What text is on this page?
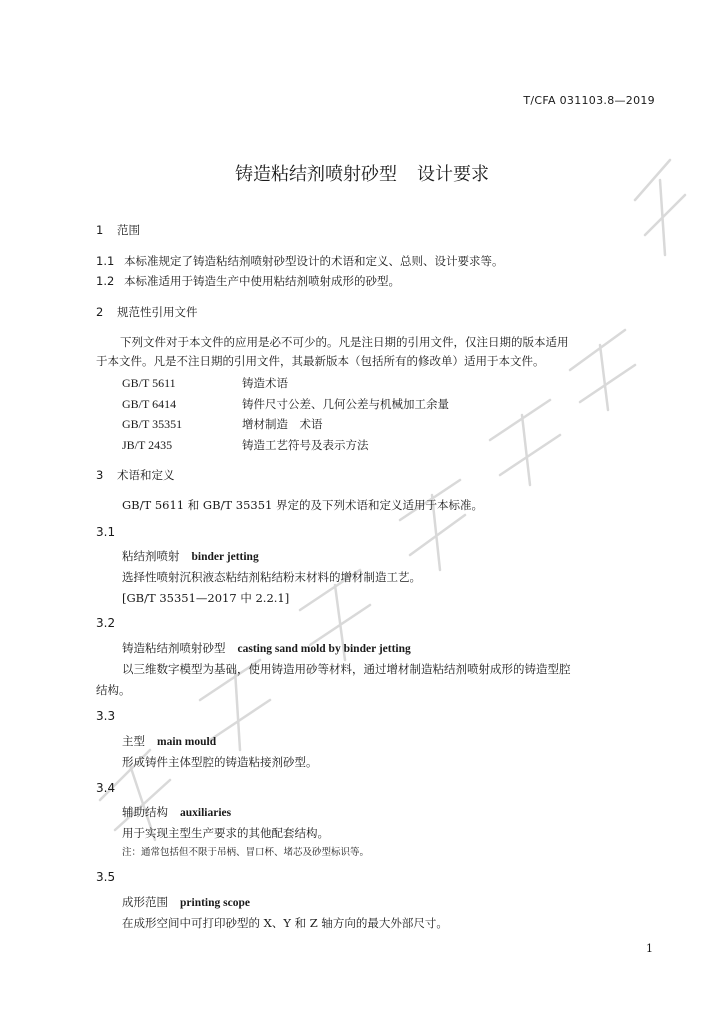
T/CFA 031103.8—2019
铸造粘结剂喷射砂型 设计要求
1 范围
1.1 本标准规定了铸造粘结剂喷射砂型设计的术语和定义、总则、设计要求等。
1.2 本标准适用于铸造生产中使用粘结剂喷射成形的砂型。
2 规范性引用文件
下列文件对于本文件的应用是必不可少的。凡是注日期的引用文件，仅注日期的版本适用
于本文件。凡是不注日期的引用文件，其最新版本（包括所有的修改单）适用于本文件。
GB/T 5611	铸造术语
GB/T 6414	铸件尺寸公差、几何公差与机械加工余量
GB/T 35351	增材制造　术语
JB/T 2435	铸造工艺符号及表示方法
3 术语和定义
GB/T 5611 和 GB/T 35351 界定的及下列术语和定义适用于本标准。
3.1
粘结剂喷射 binder jetting
选择性喷射沉积液态粘结剂粘结粉末材料的增材制造工艺。
[GB/T 35351—2017 中 2.2.1]
3.2
铸造粘结剂喷射砂型 casting sand mold by binder jetting
以三维数字模型为基础，使用铸造用砂等材料，通过增材制造粘结剂喷射成形的铸造型腔
结构。
3.3
主型 main mould
形成铸件主体型腔的铸造粘接剂砂型。
3.4
辅助结构 auxiliaries
用于实现主型生产要求的其他配套结构。
注：通常包括但不限于吊柄、冒口杯、堵芯及砂型标识等。
3.5
成形范围 printing scope
在成形空间中可打印砂型的 X、Y 和 Z 轴方向的最大外部尺寸。
1
